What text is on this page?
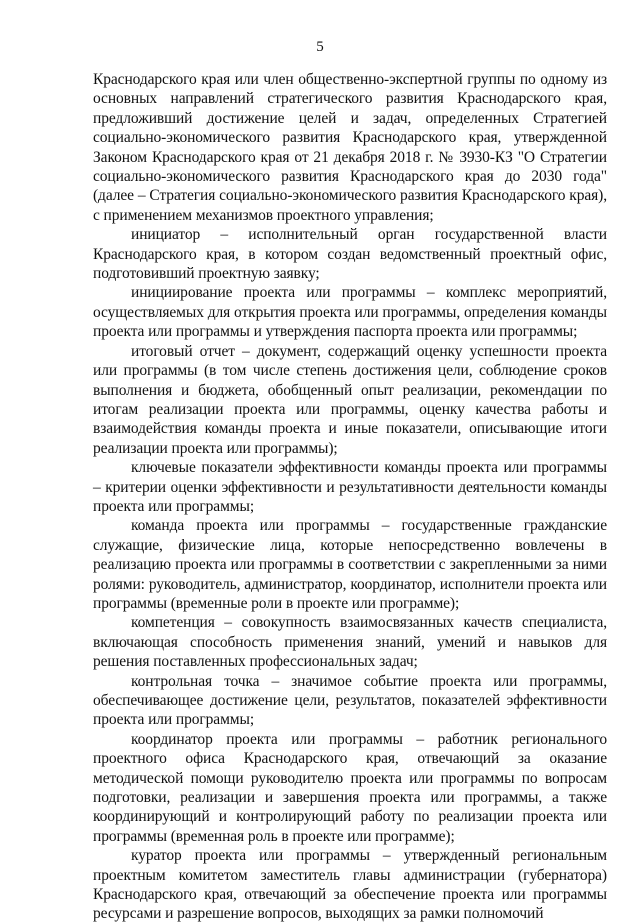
5

Краснодарского края или член общественно-экспертной группы по одному из основных направлений стратегического развития Краснодарского края, предложивший достижение целей и задач, определенных Стратегией социально-экономического развития Краснодарского края, утвержденной Законом Краснодарского края от 21 декабря 2018 г. № 3930-КЗ "О Стратегии социально-экономического развития Краснодарского края до 2030 года" (далее – Стратегия социально-экономического развития Краснодарского края), с применением механизмов проектного управления;

инициатор – исполнительный орган государственной власти Краснодарского края, в котором создан ведомственный проектный офис, подготовивший проектную заявку;

инициирование проекта или программы – комплекс мероприятий, осуществляемых для открытия проекта или программы, определения команды проекта или программы и утверждения паспорта проекта или программы;

итоговый отчет – документ, содержащий оценку успешности проекта или программы (в том числе степень достижения цели, соблюдение сроков выполнения и бюджета, обобщенный опыт реализации, рекомендации по итогам реализации проекта или программы, оценку качества работы и взаимодействия команды проекта и иные показатели, описывающие итоги реализации проекта или программы);

ключевые показатели эффективности команды проекта или программы – критерии оценки эффективности и результативности деятельности команды проекта или программы;

команда проекта или программы – государственные гражданские служащие, физические лица, которые непосредственно вовлечены в реализацию проекта или программы в соответствии с закрепленными за ними ролями: руководитель, администратор, координатор, исполнители проекта или программы (временные роли в проекте или программе);

компетенция – совокупность взаимосвязанных качеств специалиста, включающая способность применения знаний, умений и навыков для решения поставленных профессиональных задач;

контрольная точка – значимое событие проекта или программы, обеспечивающее достижение цели, результатов, показателей эффективности проекта или программы;

координатор проекта или программы – работник регионального проектного офиса Краснодарского края, отвечающий за оказание методической помощи руководителю проекта или программы по вопросам подготовки, реализации и завершения проекта или программы, а также координирующий и контролирующий работу по реализации проекта или программы (временная роль в проекте или программе);

куратор проекта или программы – утвержденный региональным проектным комитетом заместитель главы администрации (губернатора) Краснодарского края, отвечающий за обеспечение проекта или программы ресурсами и разрешение вопросов, выходящих за рамки полномочий
